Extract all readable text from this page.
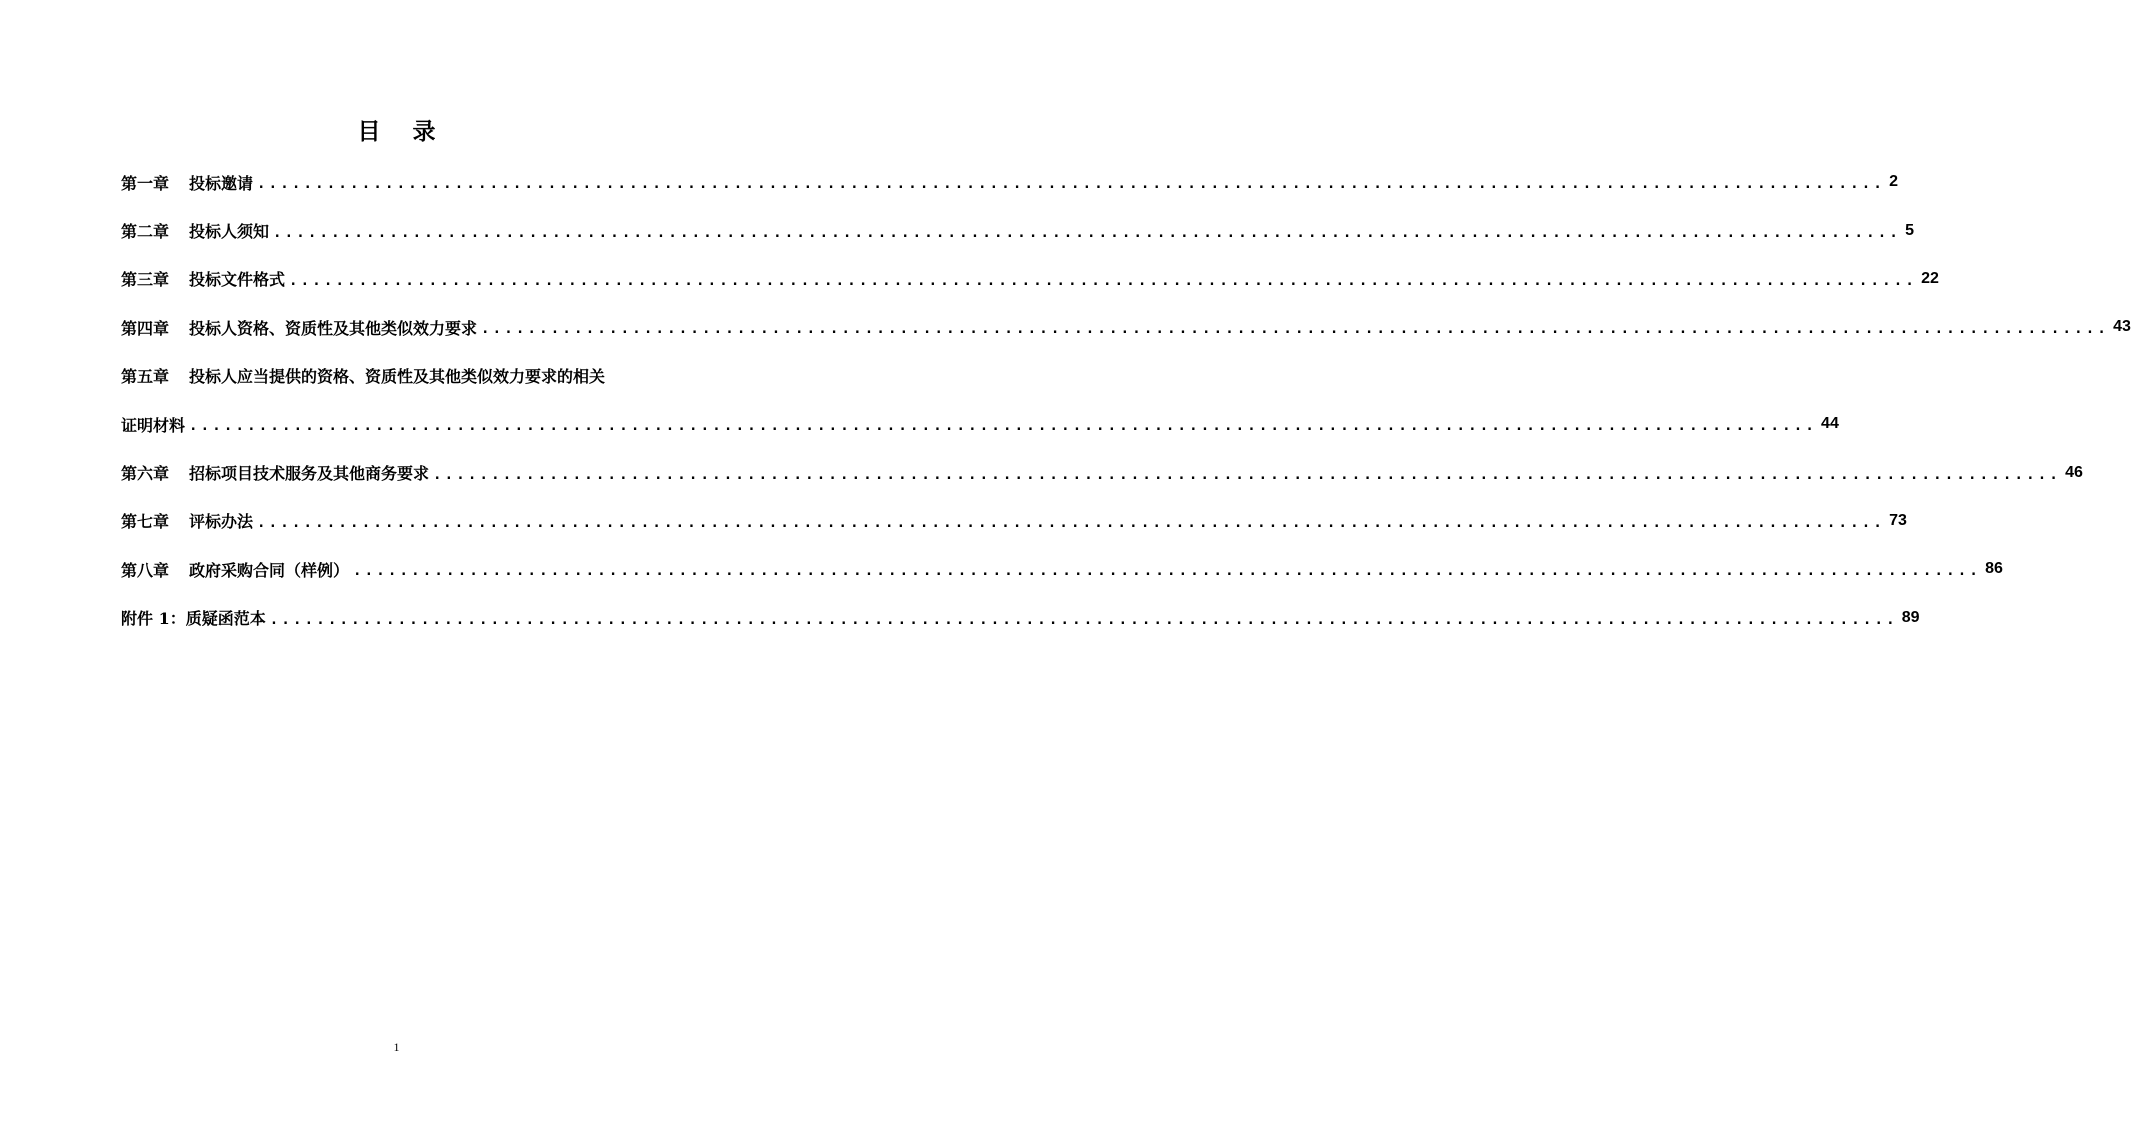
目 录
第一章 投标邀请 .....	2
第二章 投标人须知 .....	5
第三章 投标文件格式 .....	22
第四章 投标人资格、资质性及其他类似效力要求 .....	43
第五章 投标人应当提供的资格、资质性及其他类似效力要求的相关
证明材料 .....	44
第六章 招标项目技术服务及其他商务要求 .....	46
第七章 评标办法 .....	73
第八章 政府采购合同（样例） .....	86
附件 1： 质疑函范本 .....	89
1
